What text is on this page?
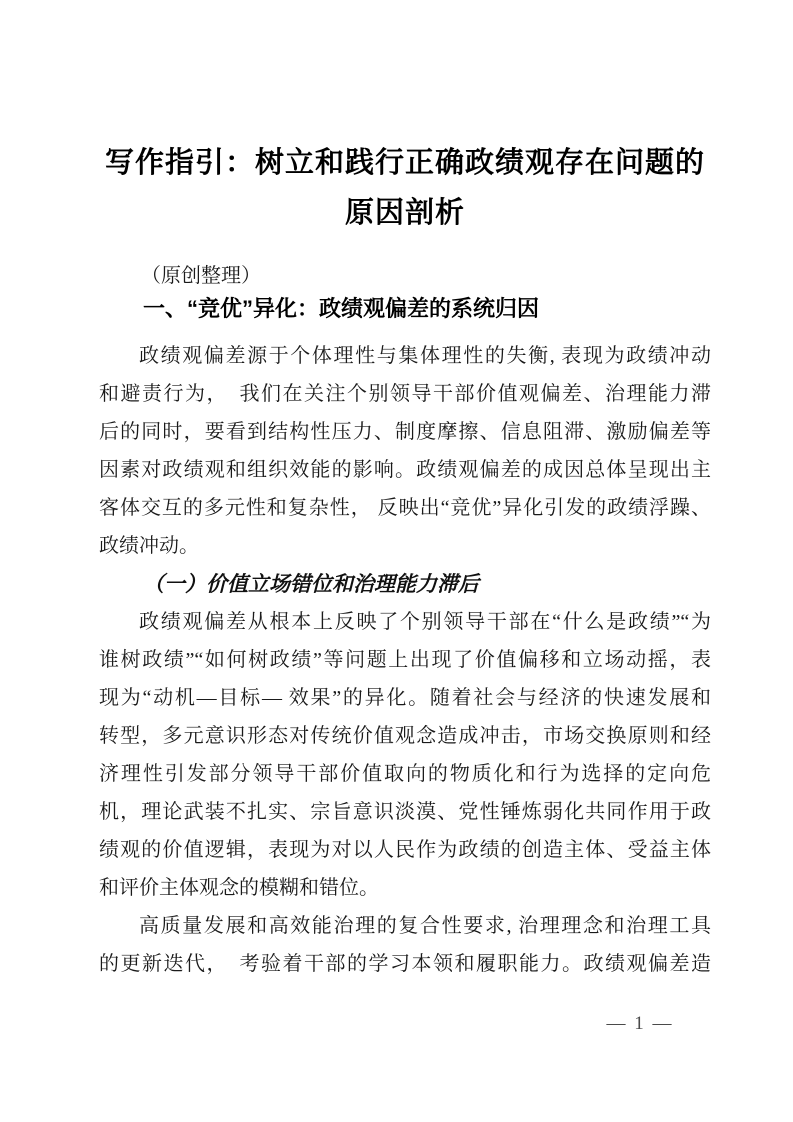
写作指引：树立和践行正确政绩观存在问题的
原因剖析

（原创整理）

一、“竞优”异化：政绩观偏差的系统归因
政绩观偏差源于个体理性与集体理性的失衡, 表现为政绩冲动
和避责行为，　我们在关注个别领导干部价值观偏差、治理能力滞
后的同时，要看到结构性压力、制度摩擦、信息阻滞、激励偏差等
因素对政绩观和组织效能的影响。政绩观偏差的成因总体呈现出主
客体交互的多元性和复杂性， 反映出“竞优”异化引发的政绩浮躁、
政绩冲动。
（一）价值立场错位和治理能力滞后
政绩观偏差从根本上反映了个别领导干部在“什么是政绩”“为
谁树政绩”“如何树政绩”等问题上出现了价值偏移和立场动摇，表
现为“动机—目标— 效果”的异化。随着社会与经济的快速发展和
转型，多元意识形态对传统价值观念造成冲击，市场交换原则和经
济理性引发部分领导干部价值取向的物质化和行为选择的定向危
机，理论武装不扎实、宗旨意识淡漠、党性锤炼弱化共同作用于政
绩观的价值逻辑，表现为对以人民作为政绩的创造主体、受益主体
和评价主体观念的模糊和错位。
高质量发展和高效能治理的复合性要求, 治理理念和治理工具
的更新迭代，　考验着干部的学习本领和履职能力。政绩观偏差造
— 1 —
